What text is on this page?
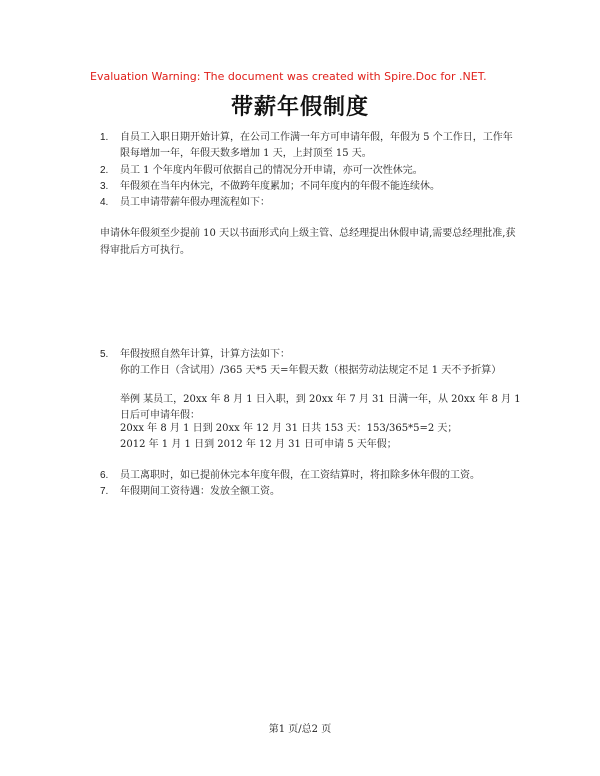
Evaluation Warning: The document was created with Spire.Doc for .NET.
带薪年假制度
1.	自员工入职日期开始计算，在公司工作满一年方可申请年假，年假为 5 个工作日，工作年限每增加一年，年假天数多增加 1 天，上封顶至 15 天。
2.	员工 1 个年度内年假可依据自己的情况分开申请，亦可一次性休完。
3.	年假须在当年内休完，不做跨年度累加；不同年度内的年假不能连续休。
4.	员工申请带薪年假办理流程如下：
申请休年假须至少提前 10 天以书面形式向上级主管、总经理提出休假申请,需要总经理批准,获得审批后方可执行。
5.	年假按照自然年计算，计算方法如下：
你的工作日（含试用）/365 天*5 天=年假天数（根据劳动法规定不足 1 天不予折算）
举例 某员工，20xx 年 8 月 1 日入职，到 20xx 年 7 月 31 日满一年，从 20xx 年 8 月 1 日后可申请年假：
20xx 年 8 月 1 日到 20xx 年 12 月 31 日共 153 天：153/365*5=2 天；
2012 年 1 月 1 日到 2012 年 12 月 31 日可申请 5 天年假；
6.	员工离职时，如已提前休完本年度年假，在工资结算时，将扣除多休年假的工资。
7.	年假期间工资待遇：发放全额工资。
第1 页/总2 页
